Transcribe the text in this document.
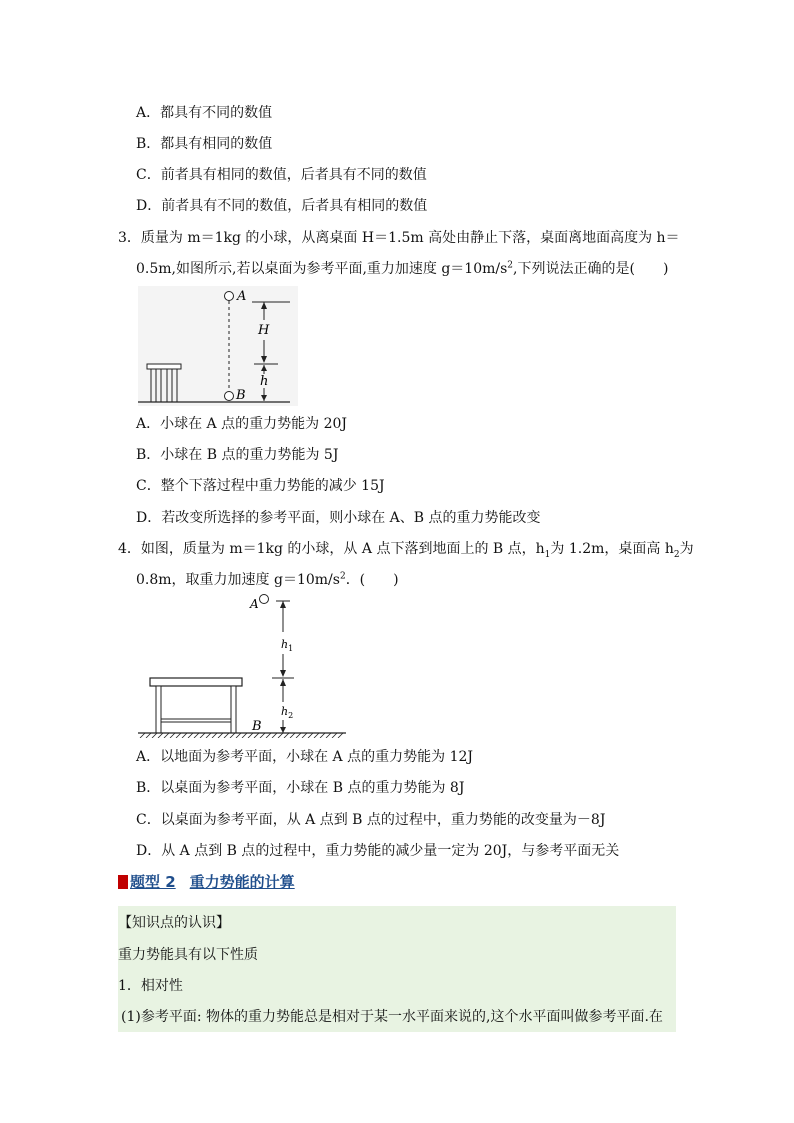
A．都具有不同的数值
B．都具有相同的数值
C．前者具有相同的数值，后者具有不同的数值
D．前者具有不同的数值，后者具有相同的数值
3．质量为 m＝1kg 的小球，从离桌面 H＝1.5m 高处由静止下落，桌面离地面高度为 h＝
0.5m,如图所示,若以桌面为参考平面,重力加速度 $g=10m/s^2$,下列说法正确的是(　　)
A
B
H
h
A．小球在 A 点的重力势能为 20J
B．小球在 B 点的重力势能为 5J
C．整个下落过程中重力势能的减少 15J
D．若改变所选择的参考平面，则小球在 A、B 点的重力势能改变
4．如图，质量为 m＝1kg 的小球，从 A 点下落到地面上的 B 点，$h_1$为 1.2m，桌面高 $h_2$为
0.8m，取重力加速度 $g=10m/s^2$．(　　)
A
$h_1$
$h_2$
B
A．以地面为参考平面，小球在 A 点的重力势能为 12J
B．以桌面为参考平面，小球在 B 点的重力势能为 8J
C．以桌面为参考平面，从 A 点到 B 点的过程中，重力势能的改变量为－8J
D．从 A 点到 B 点的过程中，重力势能的减少量一定为 20J，与参考平面无关
题型 2 重力势能的计算
【知识点的认识】
重力势能具有以下性质
1．相对性
(1)参考平面: 物体的重力势能总是相对于某一水平面来说的,这个水平面叫做参考平面.在
